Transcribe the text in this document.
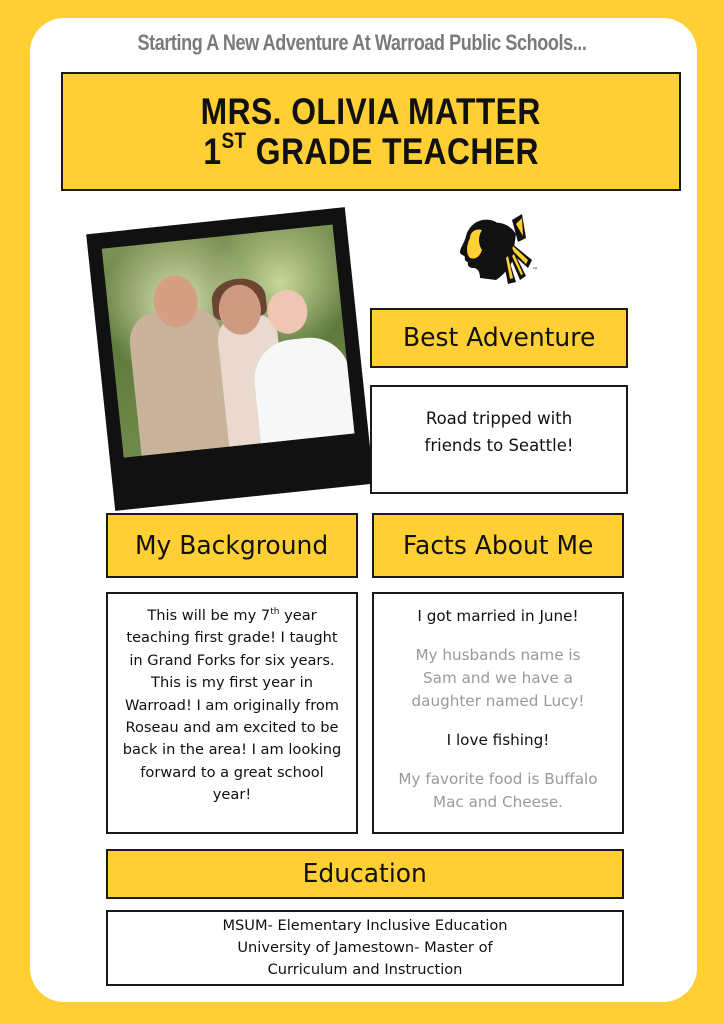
Starting A New Adventure At Warroad Public Schools...
MRS. OLIVIA MATTER
1ST GRADE TEACHER
™
Best Adventure
Road tripped with
friends to Seattle!
My Background	Facts About Me
This will be my 7th year
teaching first grade! I taught
in Grand Forks for six years.
This is my first year in
Warroad! I am originally from
Roseau and am excited to be
back in the area! I am looking
forward to a great school
year!
I got married in June!
My husbands name is
Sam and we have a
daughter named Lucy!
I love fishing!
My favorite food is Buffalo
Mac and Cheese.
Education
MSUM- Elementary Inclusive Education
University of Jamestown- Master of
Curriculum and Instruction
